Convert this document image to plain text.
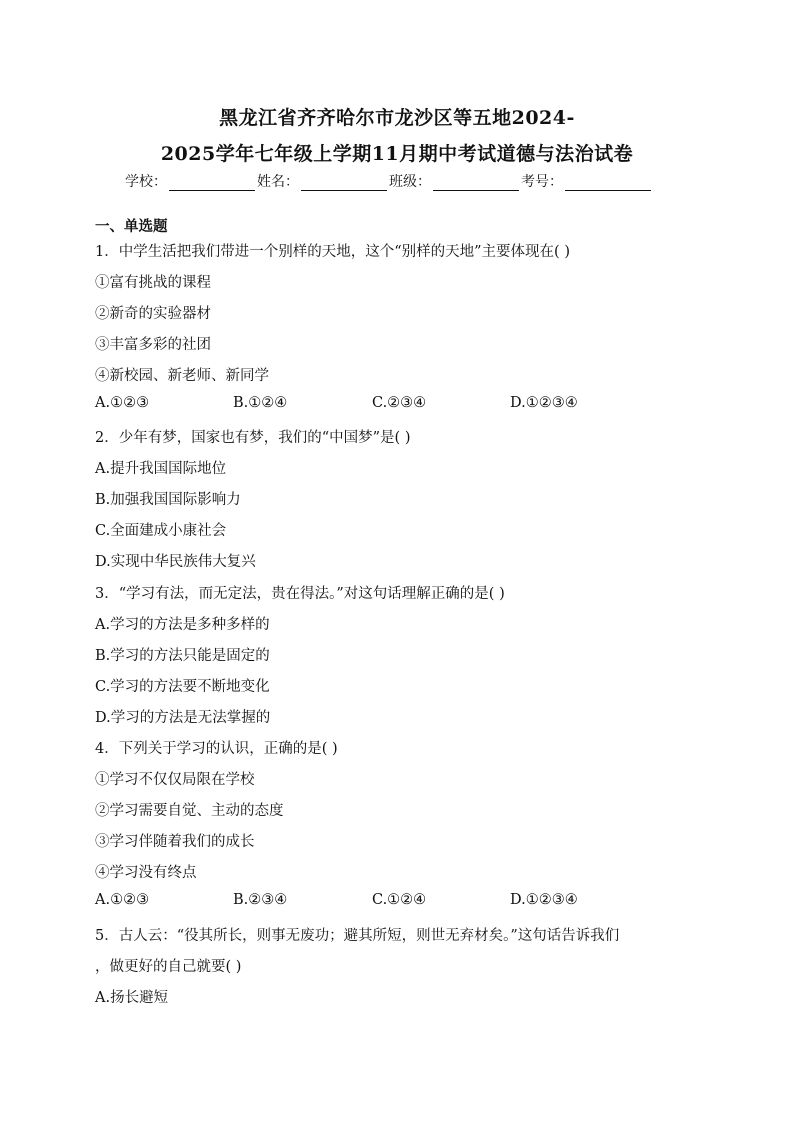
黑龙江省齐齐哈尔市龙沙区等五地2024-
2025学年七年级上学期11月期中考试道德与法治试卷
学校：	姓名：	班级：	考号：
一、单选题
1．中学生活把我们带进一个别样的天地，这个“别样的天地”主要体现在( )
①富有挑战的课程
②新奇的实验器材
③丰富多彩的社团
④新校园、新老师、新同学
A.①②③	B.①②④	C.②③④	D.①②③④
2．少年有梦，国家也有梦，我们的“中国梦”是( )
A.提升我国国际地位
B.加强我国国际影响力
C.全面建成小康社会
D.实现中华民族伟大复兴
3．“学习有法，而无定法，贵在得法。”对这句话理解正确的是( )
A.学习的方法是多种多样的
B.学习的方法只能是固定的
C.学习的方法要不断地变化
D.学习的方法是无法掌握的
4．下列关于学习的认识，正确的是( )
①学习不仅仅局限在学校
②学习需要自觉、主动的态度
③学习伴随着我们的成长
④学习没有终点
A.①②③	B.②③④	C.①②④	D.①②③④
5．古人云：“役其所长，则事无废功；避其所短，则世无弃材矣。”这句话告诉我们
，做更好的自己就要( )
A.扬长避短
